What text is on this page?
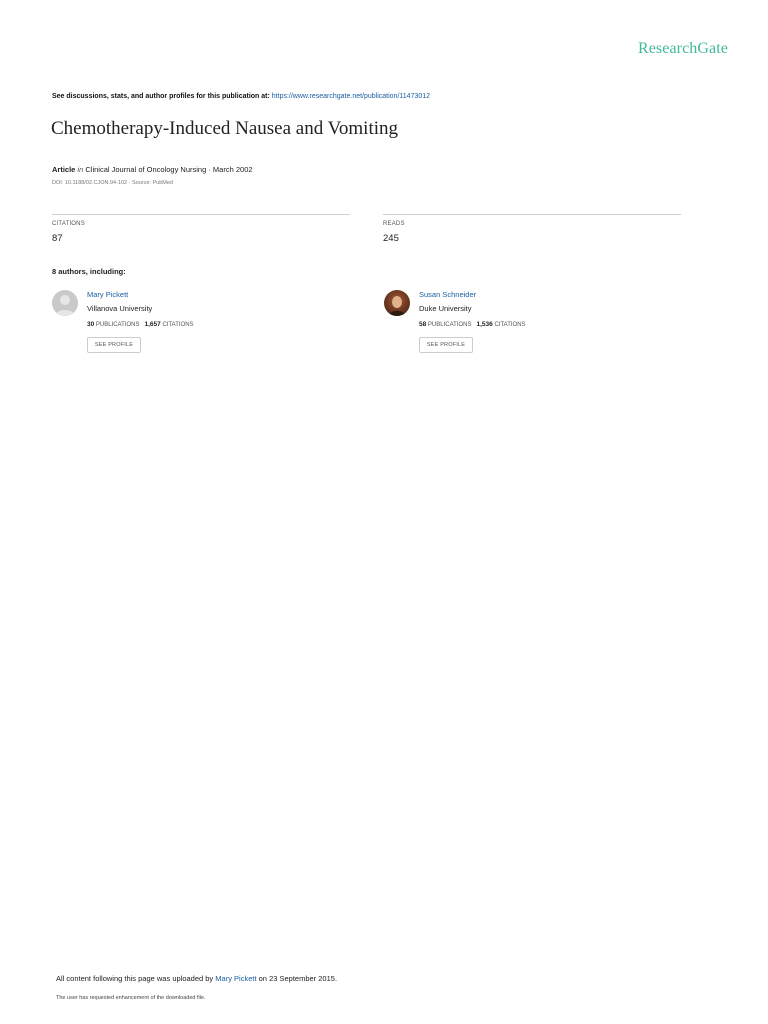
ResearchGate
See discussions, stats, and author profiles for this publication at: https://www.researchgate.net/publication/11473012
Chemotherapy-Induced Nausea and Vomiting
Article in Clinical Journal of Oncology Nursing · March 2002
DOI: 10.1188/02.CJON.94-102 · Source: PubMed
CITATIONS
87
READS
245
8 authors, including:
Mary Pickett
Villanova University
30 PUBLICATIONS 1,657 CITATIONS
SEE PROFILE
Susan Schneider
Duke University
58 PUBLICATIONS 1,536 CITATIONS
SEE PROFILE
All content following this page was uploaded by Mary Pickett on 23 September 2015.
The user has requested enhancement of the downloaded file.
